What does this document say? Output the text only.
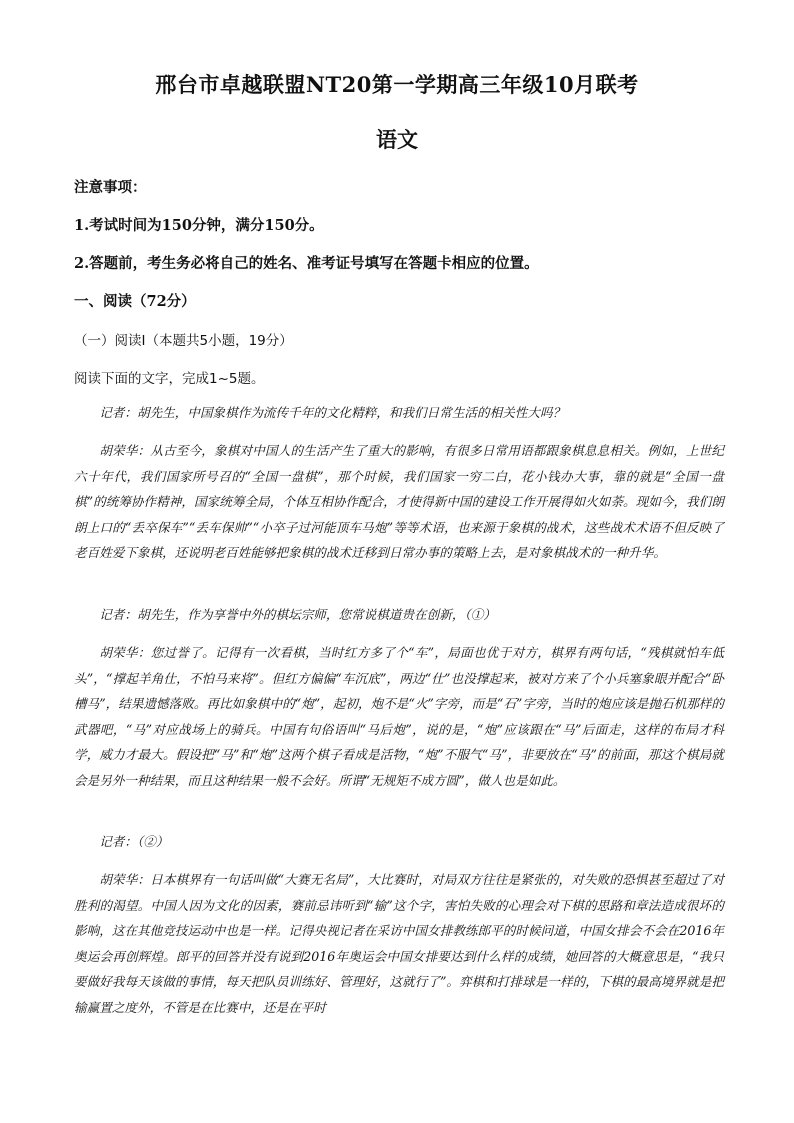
邢台市卓越联盟NT20第一学期高三年级10月联考
语文
注意事项：
1.考试时间为150分钟，满分150分。
2.答题前，考生务必将自己的姓名、准考证号填写在答题卡相应的位置。
一、阅读（72分）
（一）阅读Ⅰ（本题共5小题，19分）
阅读下面的文字，完成1~5题。

记者：胡先生，中国象棋作为流传千年的文化精粹，和我们日常生活的相关性大吗？

胡荣华：从古至今，象棋对中国人的生活产生了重大的影响，有很多日常用语都跟象棋息息相关。例如，上世纪六十年代，我们国家所号召的“全国一盘棋”，那个时候，我们国家一穷二白，花小钱办大事，靠的就是“全国一盘棋”的统筹协作精神，国家统筹全局，个体互相协作配合，才使得新中国的建设工作开展得如火如荼。现如今，我们朗朗上口的“丢卒保车”“丢车保帅”“小卒子过河能顶车马炮”等等术语，也来源于象棋的战术，这些战术术语不但反映了老百姓爱下象棋，还说明老百姓能够把象棋的战术迁移到日常办事的策略上去，是对象棋战术的一种升华。

记者：胡先生，作为享誉中外的棋坛宗师，您常说棋道贵在创新，（①）

胡荣华：您过誉了。记得有一次看棋，当时红方多了个“车”，局面也优于对方，棋界有两句话，“残棋就怕车低头”，“撑起羊角仕，不怕马来将”。但红方偏偏“车沉底”，两边“仕”也没撑起来，被对方来了个小兵塞象眼并配合“卧槽马”，结果遗憾落败。再比如象棋中的“炮”，起初，炮不是“火”字旁，而是“石”字旁，当时的炮应该是抛石机那样的武器吧，“马”对应战场上的骑兵。中国有句俗语叫“马后炮”，说的是，“炮”应该跟在“马”后面走，这样的布局才科学，威力才最大。假设把“马”和“炮”这两个棋子看成是活物，“炮”不服气“马”，非要放在“马”的前面，那这个棋局就会是另外一种结果，而且这种结果一般不会好。所谓“无规矩不成方圆”，做人也是如此。

记者：（②）

胡荣华：日本棋界有一句话叫做“大赛无名局”，大比赛时，对局双方往往是紧张的，对失败的恐惧甚至超过了对胜利的渴望。中国人因为文化的因素，赛前忌讳听到“输”这个字，害怕失败的心理会对下棋的思路和章法造成很坏的影响，这在其他竞技运动中也是一样。记得央视记者在采访中国女排教练郎平的时候问道，中国女排会不会在2016年奥运会再创辉煌。郎平的回答并没有说到2016年奥运会中国女排要达到什么样的成绩，她回答的大概意思是，“我只要做好我每天该做的事情，每天把队员训练好、管理好，这就行了”。弈棋和打排球是一样的，下棋的最高境界就是把输赢置之度外，不管是在比赛中，还是在平时
